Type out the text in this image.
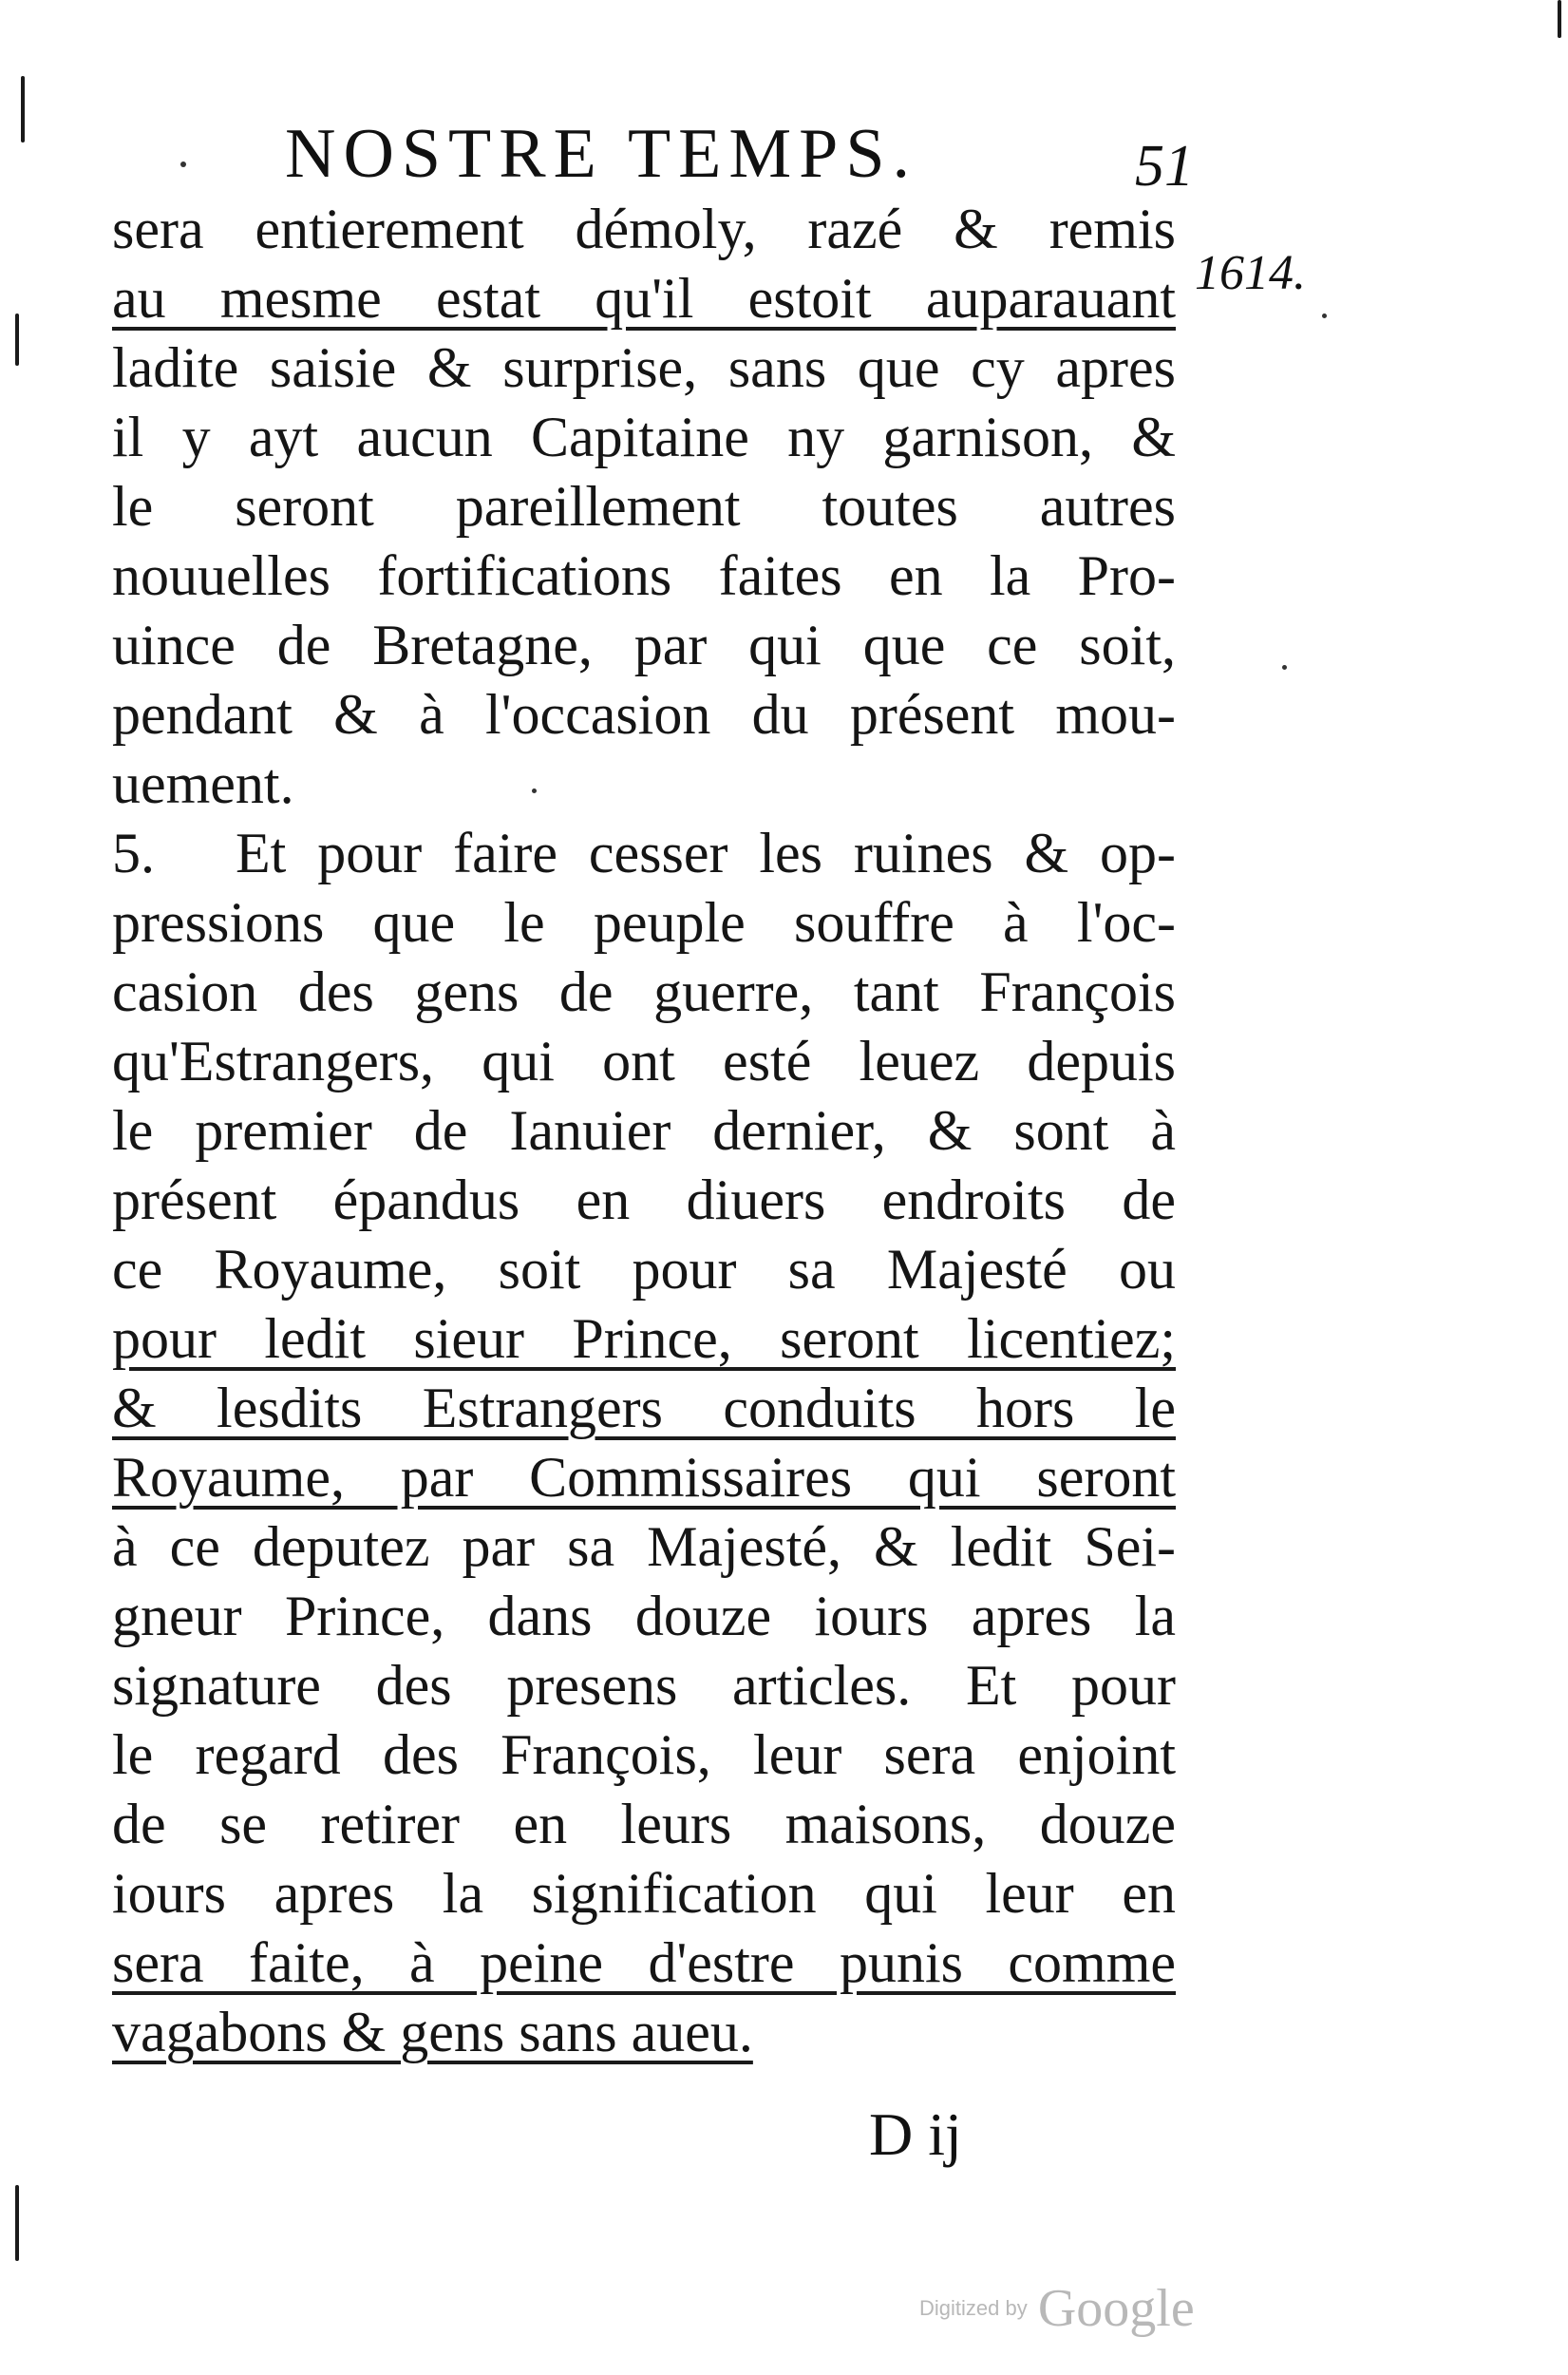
NOSTRE TEMPS.	51
1614.
sera entierement démoly, razé & remis
au mesme estat qu'il estoit auparauant
ladite saisie & surprise, sans que cy apres
il y ayt aucun Capitaine ny garnison, &
le seront pareillement toutes autres
nouuelles fortifications faites en la Pro-
uince de Bretagne, par qui que ce soit,
pendant & à l'occasion du présent mou-
uement.
5. Et pour faire cesser les ruines & op-
pressions que le peuple souffre à l'oc-
casion des gens de guerre, tant François
qu'Estrangers, qui ont esté leuez depuis
le premier de Ianuier dernier, & sont à
présent épandus en diuers endroits de
ce Royaume, soit pour sa Majesté ou
pour ledit sieur Prince, seront licentiez;
& lesdits Estrangers conduits hors le
Royaume, par Commissaires qui seront
à ce deputez par sa Majesté, & ledit Sei-
gneur Prince, dans douze iours apres la
signature des presens articles. Et pour
le regard des François, leur sera enjoint
de se retirer en leurs maisons, douze
iours apres la signification qui leur en
sera faite, à peine d'estre punis comme
vagabons & gens sans aueu.
D ij
Digitized by Google
